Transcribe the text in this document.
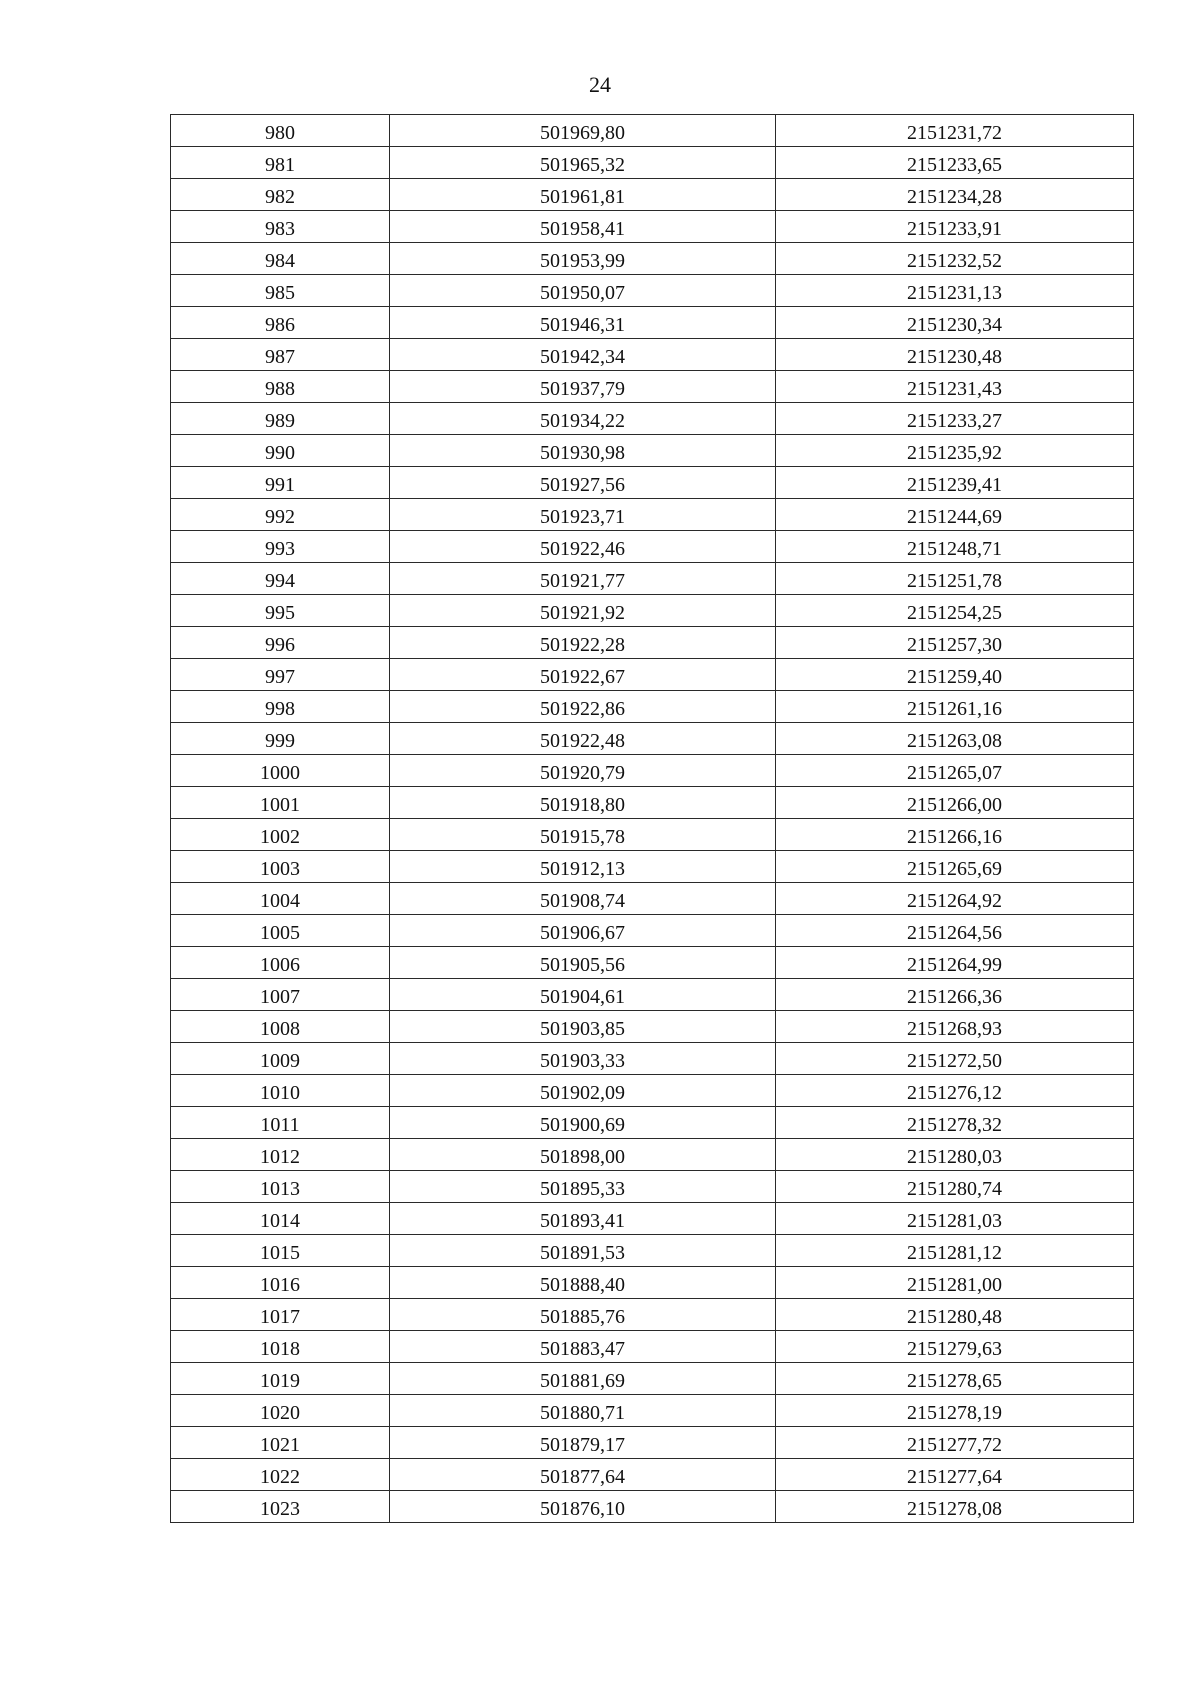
24
980	501969,80	2151231,72
981	501965,32	2151233,65
982	501961,81	2151234,28
983	501958,41	2151233,91
984	501953,99	2151232,52
985	501950,07	2151231,13
986	501946,31	2151230,34
987	501942,34	2151230,48
988	501937,79	2151231,43
989	501934,22	2151233,27
990	501930,98	2151235,92
991	501927,56	2151239,41
992	501923,71	2151244,69
993	501922,46	2151248,71
994	501921,77	2151251,78
995	501921,92	2151254,25
996	501922,28	2151257,30
997	501922,67	2151259,40
998	501922,86	2151261,16
999	501922,48	2151263,08
1000	501920,79	2151265,07
1001	501918,80	2151266,00
1002	501915,78	2151266,16
1003	501912,13	2151265,69
1004	501908,74	2151264,92
1005	501906,67	2151264,56
1006	501905,56	2151264,99
1007	501904,61	2151266,36
1008	501903,85	2151268,93
1009	501903,33	2151272,50
1010	501902,09	2151276,12
1011	501900,69	2151278,32
1012	501898,00	2151280,03
1013	501895,33	2151280,74
1014	501893,41	2151281,03
1015	501891,53	2151281,12
1016	501888,40	2151281,00
1017	501885,76	2151280,48
1018	501883,47	2151279,63
1019	501881,69	2151278,65
1020	501880,71	2151278,19
1021	501879,17	2151277,72
1022	501877,64	2151277,64
1023	501876,10	2151278,08
